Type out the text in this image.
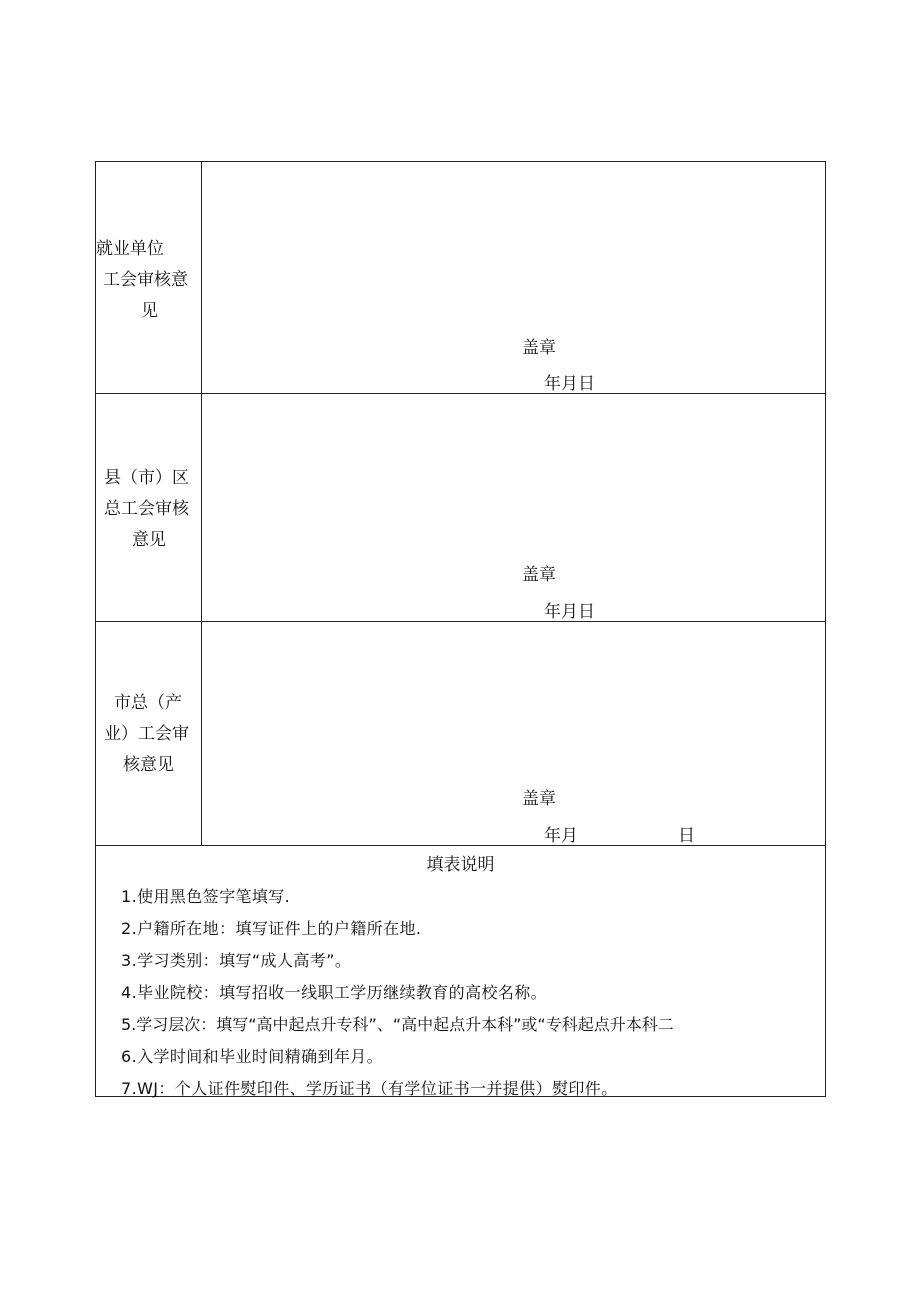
就业单位
工会审核意
见
盖章
年月日
县（市）区
总工会审核
意见
盖章
年月日
市总（产
业）工会审
核意见
盖章
年月	日
填表说明
1.使用黑色签字笔填写.
2.户籍所在地：填写证件上的户籍所在地.
3.学习类别：填写“成人高考”。
4.毕业院校：填写招收一线职工学历继续教育的高校名称。
5.学习层次：填写“高中起点升专科”、“高中起点升本科”或“专科起点升本科二
6.入学时间和毕业时间精确到年月。
7.WJ：个人证件熨印件、学历证书（有学位证书一并提供）熨印件。
